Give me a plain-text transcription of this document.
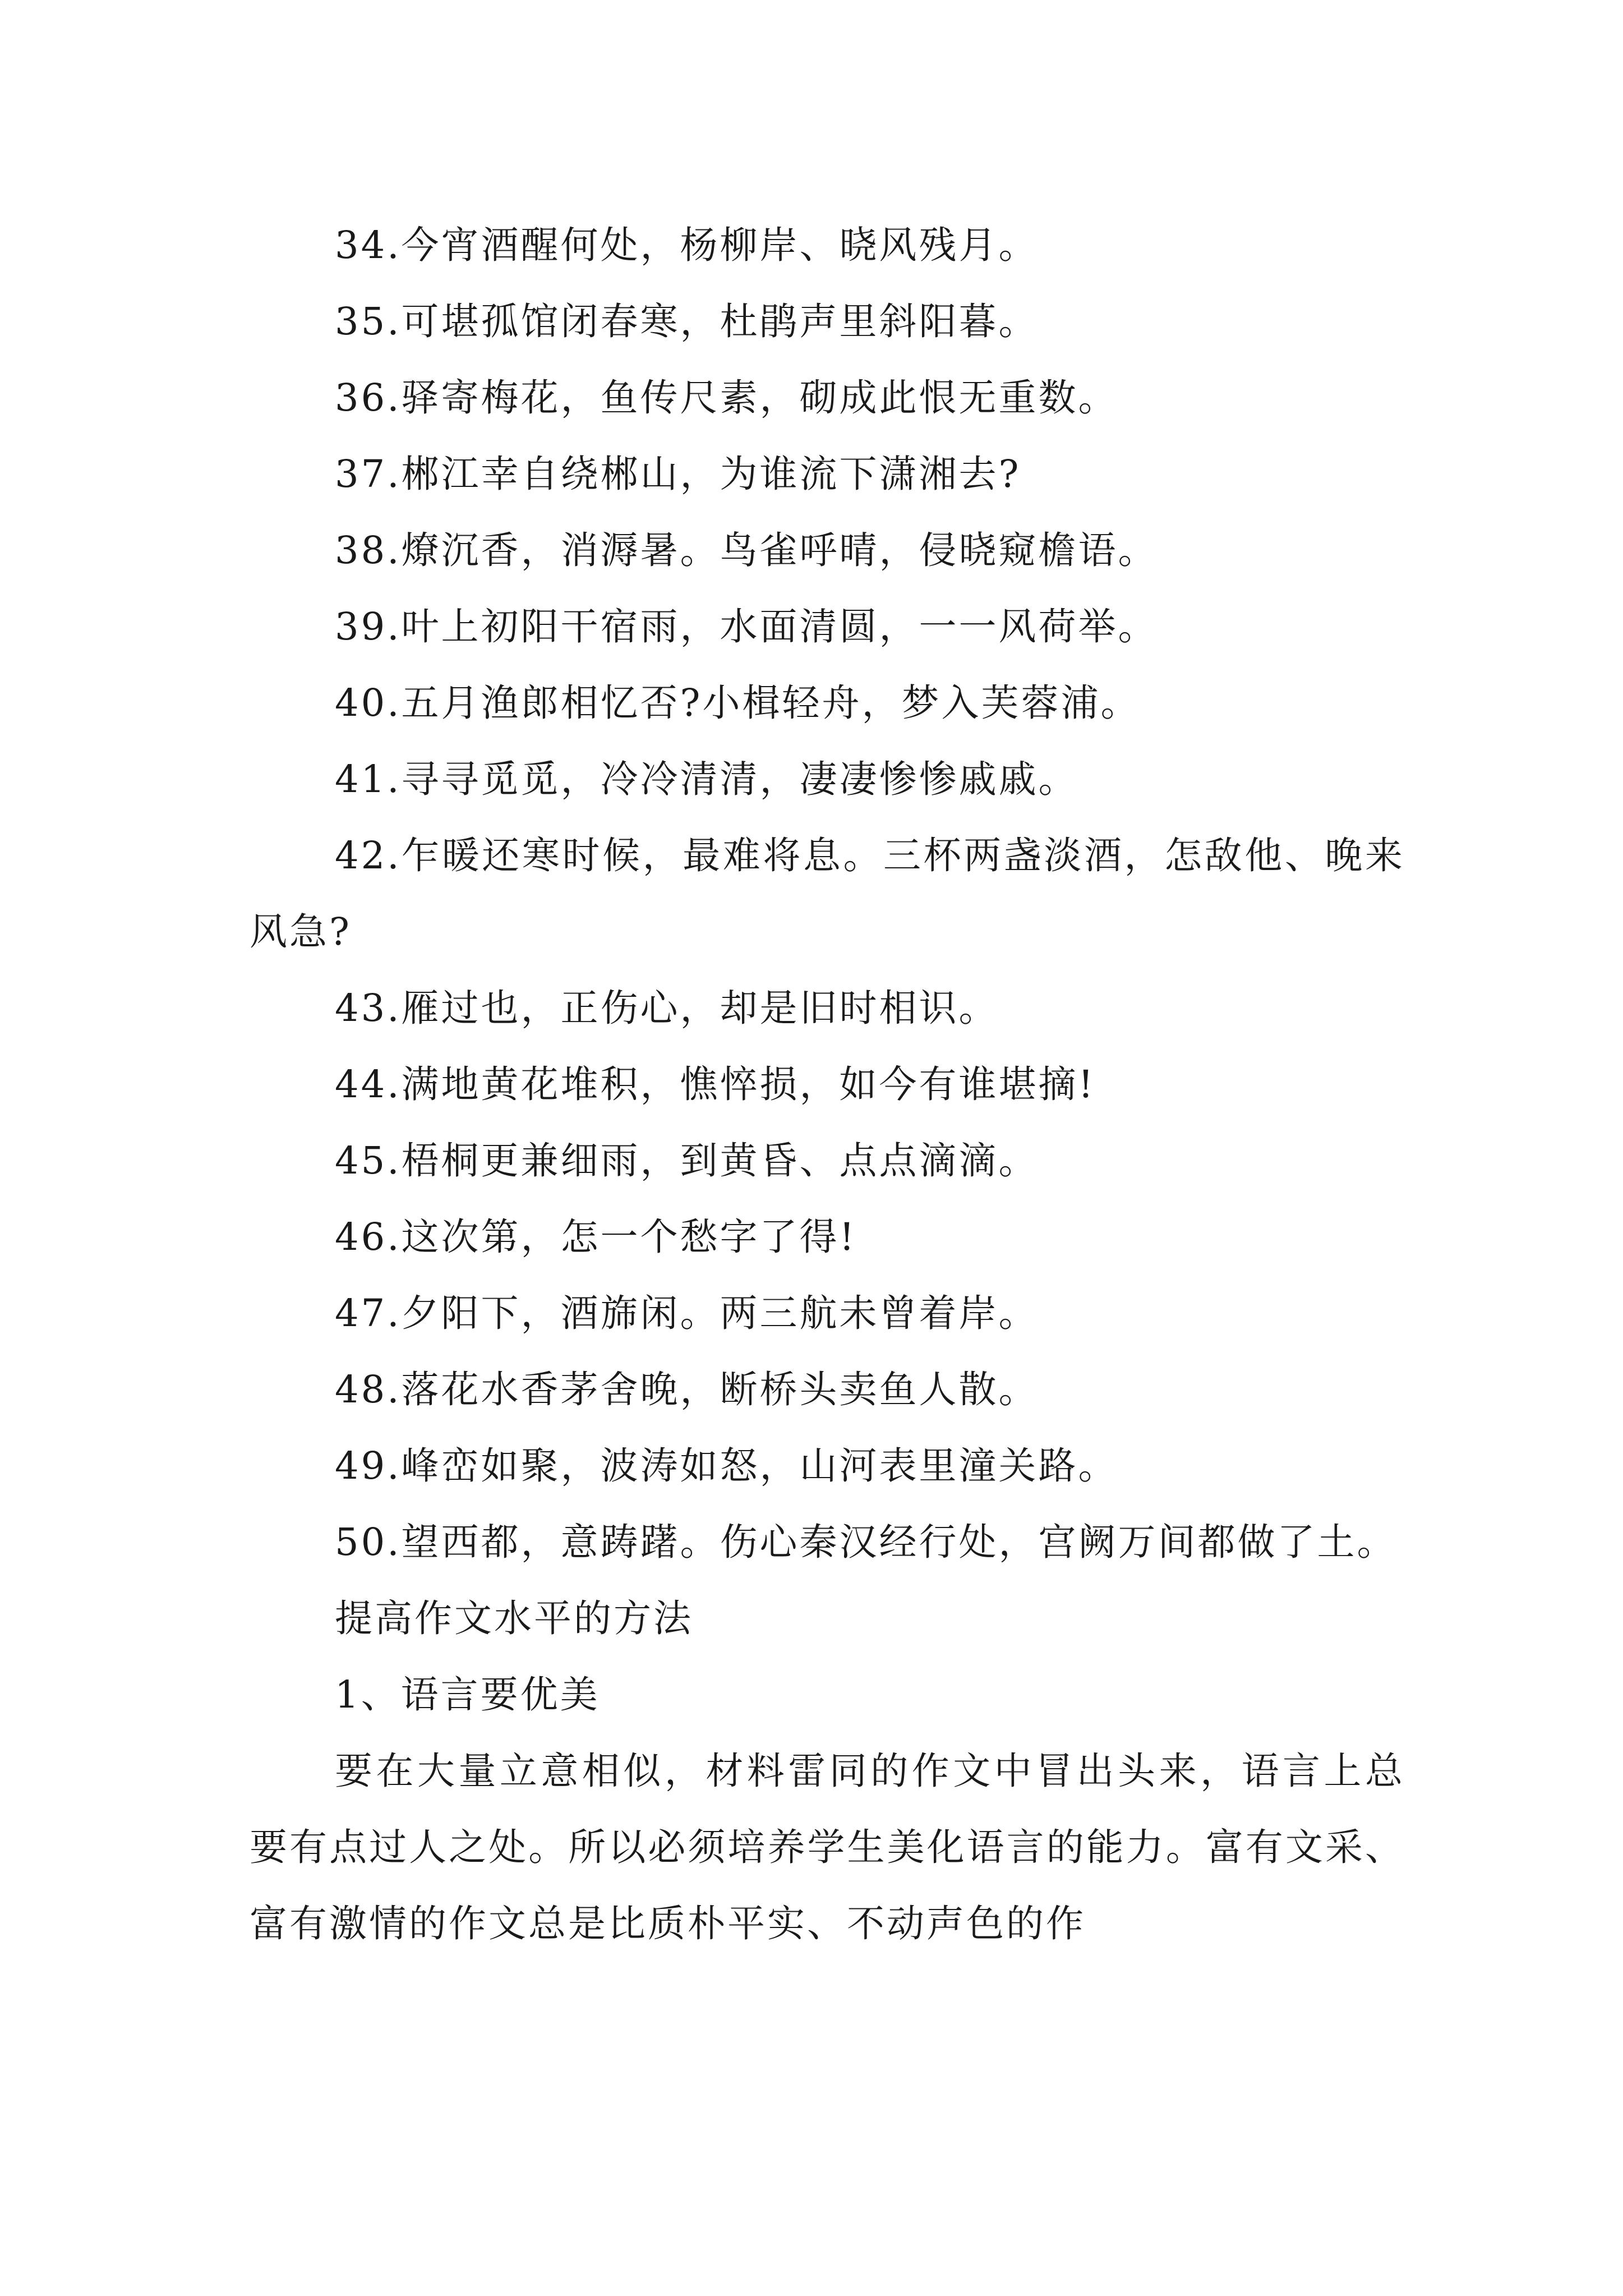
34.今宵酒醒何处，杨柳岸、晓风残月。

35.可堪孤馆闭春寒，杜鹃声里斜阳暮。

36.驿寄梅花，鱼传尺素，砌成此恨无重数。

37.郴江幸自绕郴山，为谁流下潇湘去?

38.燎沉香，消溽暑。鸟雀呼晴，侵晓窥檐语。

39.叶上初阳干宿雨，水面清圆，一一风荷举。

40.五月渔郎相忆否?小楫轻舟，梦入芙蓉浦。

41.寻寻觅觅，冷冷清清，凄凄惨惨戚戚。

42.乍暖还寒时候，最难将息。三杯两盏淡酒，怎敌他、晚来风急?

43.雁过也，正伤心，却是旧时相识。

44.满地黄花堆积，憔悴损，如今有谁堪摘!

45.梧桐更兼细雨，到黄昏、点点滴滴。

46.这次第，怎一个愁字了得!

47.夕阳下，酒旆闲。两三航未曾着岸。

48.落花水香茅舍晚，断桥头卖鱼人散。

49.峰峦如聚，波涛如怒，山河表里潼关路。

50.望西都，意踌躇。伤心秦汉经行处，宫阙万间都做了土。

提高作文水平的方法

1、语言要优美

要在大量立意相似，材料雷同的作文中冒出头来，语言上总要有点过人之处。所以必须培养学生美化语言的能力。富有文采、富有激情的作文总是比质朴平实、不动声色的作
